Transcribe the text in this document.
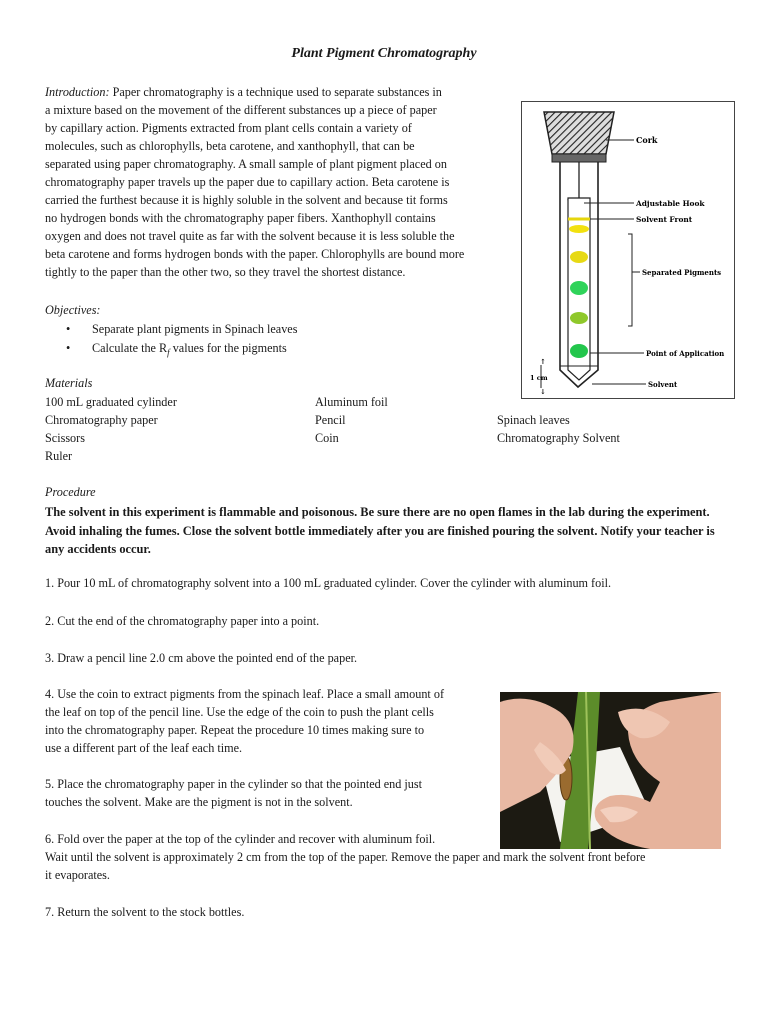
Plant Pigment Chromatography
Introduction: Paper chromatography is a technique used to separate substances in
a mixture based on the movement of the different substances up a piece of paper
by capillary action. Pigments extracted from plant cells contain a variety of
molecules, such as chlorophylls, beta carotene, and xanthophyll, that can be
separated using paper chromatography. A small sample of plant pigment placed on
chromatography paper travels up the paper due to capillary action. Beta carotene is
carried the furthest because it is highly soluble in the solvent and because tit forms
no hydrogen bonds with the chromatography paper fibers. Xanthophyll contains
oxygen and does not travel quite as far with the solvent because it is less soluble the
beta carotene and forms hydrogen bonds with the paper. Chlorophylls are bound more
tightly to the paper than the other two, so they travel the shortest distance.
↑
↓
Cork
Adjustable Hook
Solvent Front
Separated Pigments
Point of Application
Solvent
1 cm
Objectives:
• Separate plant pigments in Spinach leaves
• Calculate the $R_f$ values for the pigments
Materials
100 mL graduated cylinder
Chromatography paper
Scissors
Ruler
Aluminum foil
Pencil
Coin
Spinach leaves
Chromatography Solvent
Procedure
The solvent in this experiment is flammable and poisonous. Be sure there are no open flames in the lab during the experiment. Avoid inhaling the fumes. Close the solvent bottle immediately after you are finished pouring the solvent. Notify your teacher is any accidents occur.
1. Pour 10 mL of chromatography solvent into a 100 mL graduated cylinder. Cover the cylinder with aluminum foil.
2. Cut the end of the chromatography paper into a point.
3. Draw a pencil line 2.0 cm above the pointed end of the paper.
4. Use the coin to extract pigments from the spinach leaf. Place a small amount of
the leaf on top of the pencil line. Use the edge of the coin to push the plant cells
into the chromatography paper. Repeat the procedure 10 times making sure to
use a different part of the leaf each time.
5. Place the chromatography paper in the cylinder so that the pointed end just
touches the solvent. Make are the pigment is not in the solvent.
6. Fold over the paper at the top of the cylinder and recover with aluminum foil.
Wait until the solvent is approximately 2 cm from the top of the paper. Remove the paper and mark the solvent front before
it evaporates.
7. Return the solvent to the stock bottles.
